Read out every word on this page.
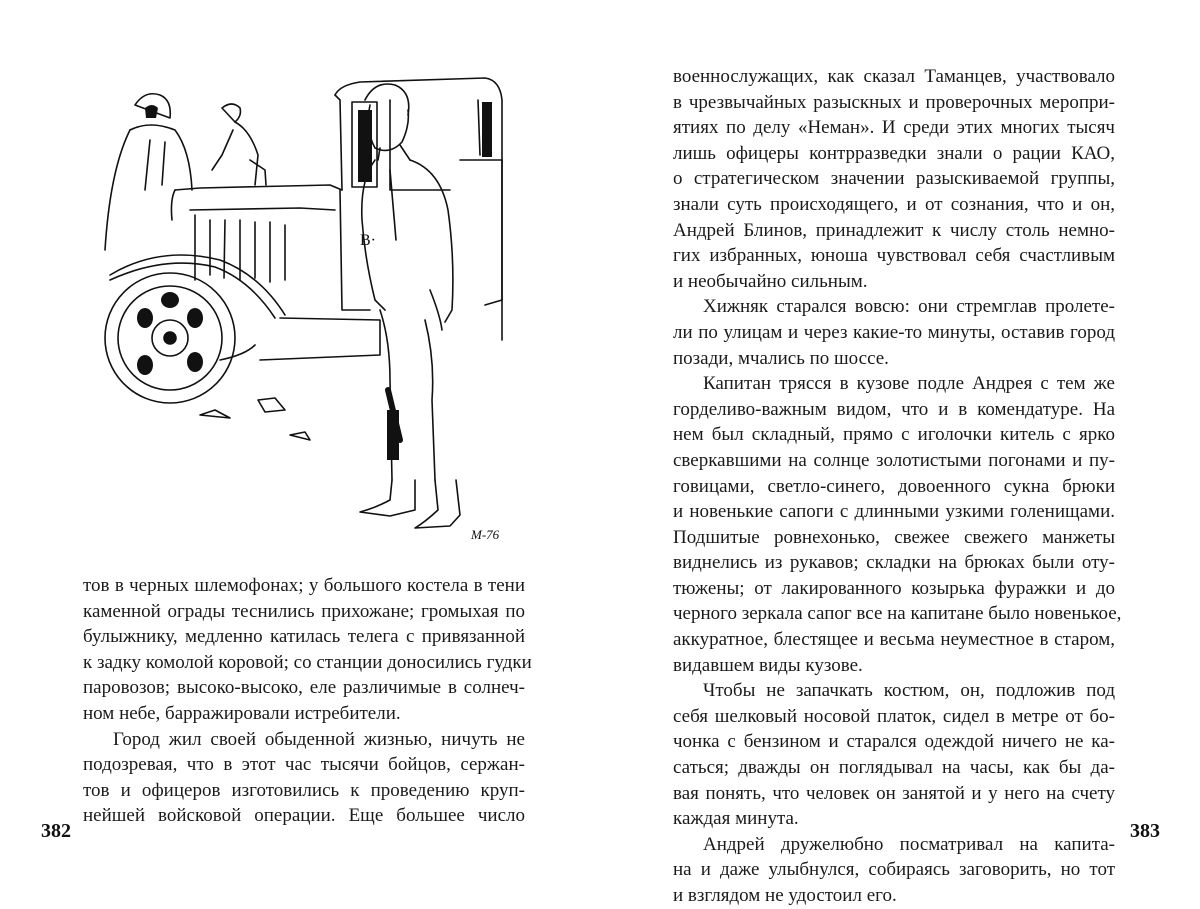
В·
М-76
тов в черных шлемофонах; у большого костела в тени
каменной ограды теснились прихожане; громыхая по
булыжнику, медленно катилась телега с привязанной
к задку комолой коровой; со станции доносились гудки
паровозов; высоко-высоко, еле различимые в солнеч-
ном небе, барражировали истребители.
Город жил своей обыденной жизнью, ничуть не
подозревая, что в этот час тысячи бойцов, сержан-
тов и офицеров изготовились к проведению круп-
нейшей войсковой операции. Еще большее число
382
военнослужащих, как сказал Таманцев, участвовало
в чрезвычайных разыскных и проверочных меропри-
ятиях по делу «Неман». И среди этих многих тысяч
лишь офицеры контрразведки знали о рации КАО,
о стратегическом значении разыскиваемой группы,
знали суть происходящего, и от сознания, что и он,
Андрей Блинов, принадлежит к числу столь немно-
гих избранных, юноша чувствовал себя счастливым
и необычайно сильным.
Хижняк старался вовсю: они стремглав пролете-
ли по улицам и через какие-то минуты, оставив город
позади, мчались по шоссе.
Капитан трясся в кузове подле Андрея с тем же
горделиво-важным видом, что и в комендатуре. На
нем был складный, прямо с иголочки китель с ярко
сверкавшими на солнце золотистыми погонами и пу-
говицами, светло-синего, довоенного сукна брюки
и новенькие сапоги с длинными узкими голенищами.
Подшитые ровнехонько, свежее свежего манжеты
виднелись из рукавов; складки на брюках были оту-
тюжены; от лакированного козырька фуражки и до
черного зеркала сапог все на капитане было новенькое,
аккуратное, блестящее и весьма неуместное в старом,
видавшем виды кузове.
Чтобы не запачкать костюм, он, подложив под
себя шелковый носовой платок, сидел в метре от бо-
чонка с бензином и старался одеждой ничего не ка-
саться; дважды он поглядывал на часы, как бы да-
вая понять, что человек он занятой и у него на счету
каждая минута.
Андрей дружелюбно посматривал на капита-
на и даже улыбнулся, собираясь заговорить, но тот
и взглядом не удостоил его.
383
